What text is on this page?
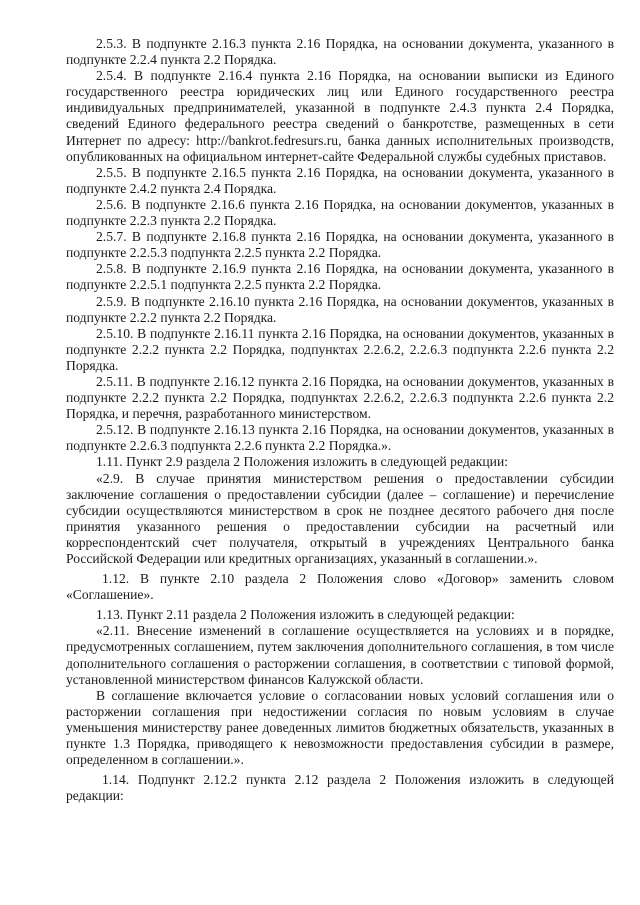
2.5.3. В подпункте 2.16.3 пункта 2.16 Порядка, на основании документа, указанного в подпункте 2.2.4 пункта 2.2 Порядка.

2.5.4. В подпункте 2.16.4 пункта 2.16 Порядка, на основании выписки из Единого государственного реестра юридических лиц или Единого государственного реестра индивидуальных предпринимателей, указанной в подпункте 2.4.3 пункта 2.4 Порядка, сведений Единого федерального реестра сведений о банкротстве, размещенных в сети Интернет по адресу: http://bankrot.fedresurs.ru, банка данных исполнительных производств, опубликованных на официальном интернет-сайте Федеральной службы судебных приставов.

2.5.5. В подпункте 2.16.5 пункта 2.16 Порядка, на основании документа, указанного в подпункте 2.4.2 пункта 2.4 Порядка.

2.5.6. В подпункте 2.16.6 пункта 2.16 Порядка, на основании документов, указанных в подпункте 2.2.3 пункта 2.2 Порядка.

2.5.7. В подпункте 2.16.8 пункта 2.16 Порядка, на основании документа, указанного в подпункте 2.2.5.3 подпункта 2.2.5 пункта 2.2 Порядка.

2.5.8. В подпункте 2.16.9 пункта 2.16 Порядка, на основании документа, указанного в подпункте 2.2.5.1 подпункта 2.2.5 пункта 2.2 Порядка.

2.5.9. В подпункте 2.16.10 пункта 2.16 Порядка, на основании документов, указанных в подпункте 2.2.2 пункта 2.2 Порядка.

2.5.10. В подпункте 2.16.11 пункта 2.16 Порядка, на основании документов, указанных в подпункте 2.2.2 пункта 2.2 Порядка, подпунктах 2.2.6.2, 2.2.6.3 подпункта 2.2.6 пункта 2.2 Порядка.

2.5.11. В подпункте 2.16.12 пункта 2.16 Порядка, на основании документов, указанных в подпункте 2.2.2 пункта 2.2 Порядка, подпунктах 2.2.6.2, 2.2.6.3 подпункта 2.2.6 пункта 2.2 Порядка, и перечня, разработанного министерством.

2.5.12. В подпункте 2.16.13 пункта 2.16 Порядка, на основании документов, указанных в подпункте 2.2.6.3 подпункта 2.2.6 пункта 2.2 Порядка.».

1.11. Пункт 2.9 раздела 2 Положения изложить в следующей редакции:

«2.9. В случае принятия министерством решения о предоставлении субсидии заключение соглашения о предоставлении субсидии (далее – соглашение) и перечисление субсидии осуществляются министерством в срок не позднее десятого рабочего дня после принятия указанного решения о предоставлении субсидии на расчетный или корреспондентский счет получателя, открытый в учреждениях Центрального банка Российской Федерации или кредитных организациях, указанный в соглашении.».

1.12. В пункте 2.10 раздела 2 Положения слово «Договор» заменить словом «Соглашение».

1.13. Пункт 2.11 раздела 2 Положения изложить в следующей редакции:

«2.11. Внесение изменений в соглашение осуществляется на условиях и в порядке, предусмотренных соглашением, путем заключения дополнительного соглашения, в том числе дополнительного соглашения о расторжении соглашения, в соответствии с типовой формой, установленной министерством финансов Калужской области.

В соглашение включается условие о согласовании новых условий соглашения или о расторжении соглашения при недостижении согласия по новым условиям в случае уменьшения министерству ранее доведенных лимитов бюджетных обязательств, указанных в пункте 1.3 Порядка, приводящего к невозможности предоставления субсидии в размере, определенном в соглашении.».

1.14. Подпункт 2.12.2 пункта 2.12 раздела 2 Положения изложить в следующей редакции:
